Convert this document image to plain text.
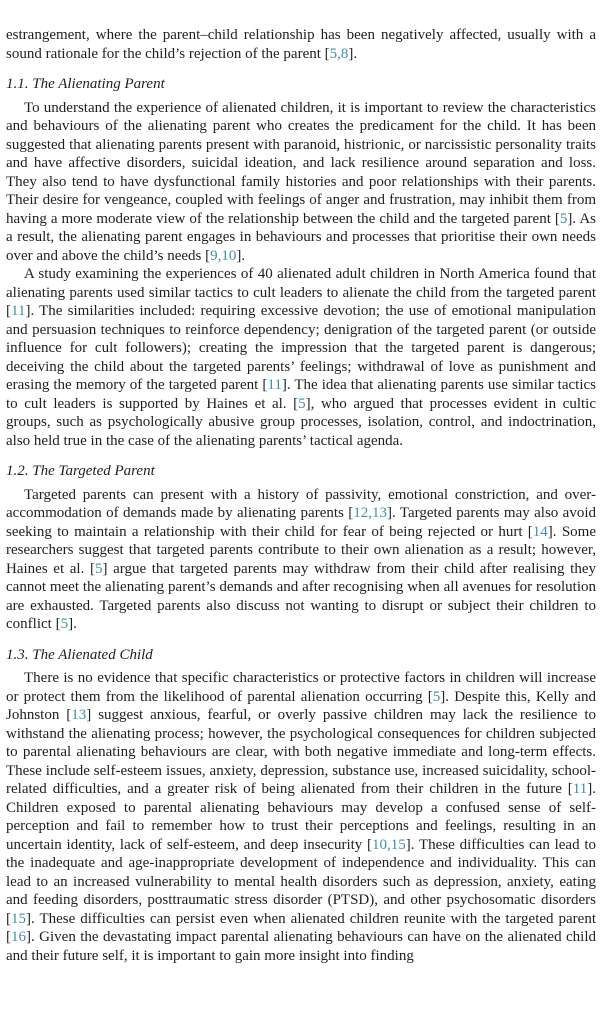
estrangement, where the parent–child relationship has been negatively affected, usually with a sound rationale for the child’s rejection of the parent [5,8].

1.1. The Alienating Parent

To understand the experience of alienated children, it is important to review the characteristics and behaviours of the alienating parent who creates the predicament for the child. It has been suggested that alienating parents present with paranoid, histrionic, or narcissistic personality traits and have affective disorders, suicidal ideation, and lack resilience around separation and loss. They also tend to have dysfunctional family histories and poor relationships with their parents. Their desire for vengeance, coupled with feelings of anger and frustration, may inhibit them from having a more moderate view of the relationship between the child and the targeted parent [5]. As a result, the alienating parent engages in behaviours and processes that prioritise their own needs over and above the child’s needs [9,10].

A study examining the experiences of 40 alienated adult children in North America found that alienating parents used similar tactics to cult leaders to alienate the child from the targeted parent [11]. The similarities included: requiring excessive devotion; the use of emotional manipulation and persuasion techniques to reinforce dependency; denigration of the targeted parent (or outside influence for cult followers); creating the impression that the targeted parent is dangerous; deceiving the child about the targeted parents’ feelings; withdrawal of love as punishment and erasing the memory of the targeted parent [11]. The idea that alienating parents use similar tactics to cult leaders is supported by Haines et al. [5], who argued that processes evident in cultic groups, such as psychologically abusive group processes, isolation, control, and indoctrination, also held true in the case of the alienating parents’ tactical agenda.

1.2. The Targeted Parent

Targeted parents can present with a history of passivity, emotional constriction, and over-accommodation of demands made by alienating parents [12,13]. Targeted parents may also avoid seeking to maintain a relationship with their child for fear of being rejected or hurt [14]. Some researchers suggest that targeted parents contribute to their own alienation as a result; however, Haines et al. [5] argue that targeted parents may withdraw from their child after realising they cannot meet the alienating parent’s demands and after recognising when all avenues for resolution are exhausted. Targeted parents also discuss not wanting to disrupt or subject their children to conflict [5].

1.3. The Alienated Child

There is no evidence that specific characteristics or protective factors in children will increase or protect them from the likelihood of parental alienation occurring [5]. Despite this, Kelly and Johnston [13] suggest anxious, fearful, or overly passive children may lack the resilience to withstand the alienating process; however, the psychological consequences for children subjected to parental alienating behaviours are clear, with both negative immediate and long-term effects. These include self-esteem issues, anxiety, depression, substance use, increased suicidality, school-related difficulties, and a greater risk of being alienated from their children in the future [11]. Children exposed to parental alienating behaviours may develop a confused sense of self-perception and fail to remember how to trust their perceptions and feelings, resulting in an uncertain identity, lack of self-esteem, and deep insecurity [10,15]. These difficulties can lead to the inadequate and age-inappropriate development of independence and individuality. This can lead to an increased vulnerability to mental health disorders such as depression, anxiety, eating and feeding disorders, posttraumatic stress disorder (PTSD), and other psychosomatic disorders [15]. These difficulties can persist even when alienated children reunite with the targeted parent [16]. Given the devastating impact parental alienating behaviours can have on the alienated child and their future self, it is important to gain more insight into finding
